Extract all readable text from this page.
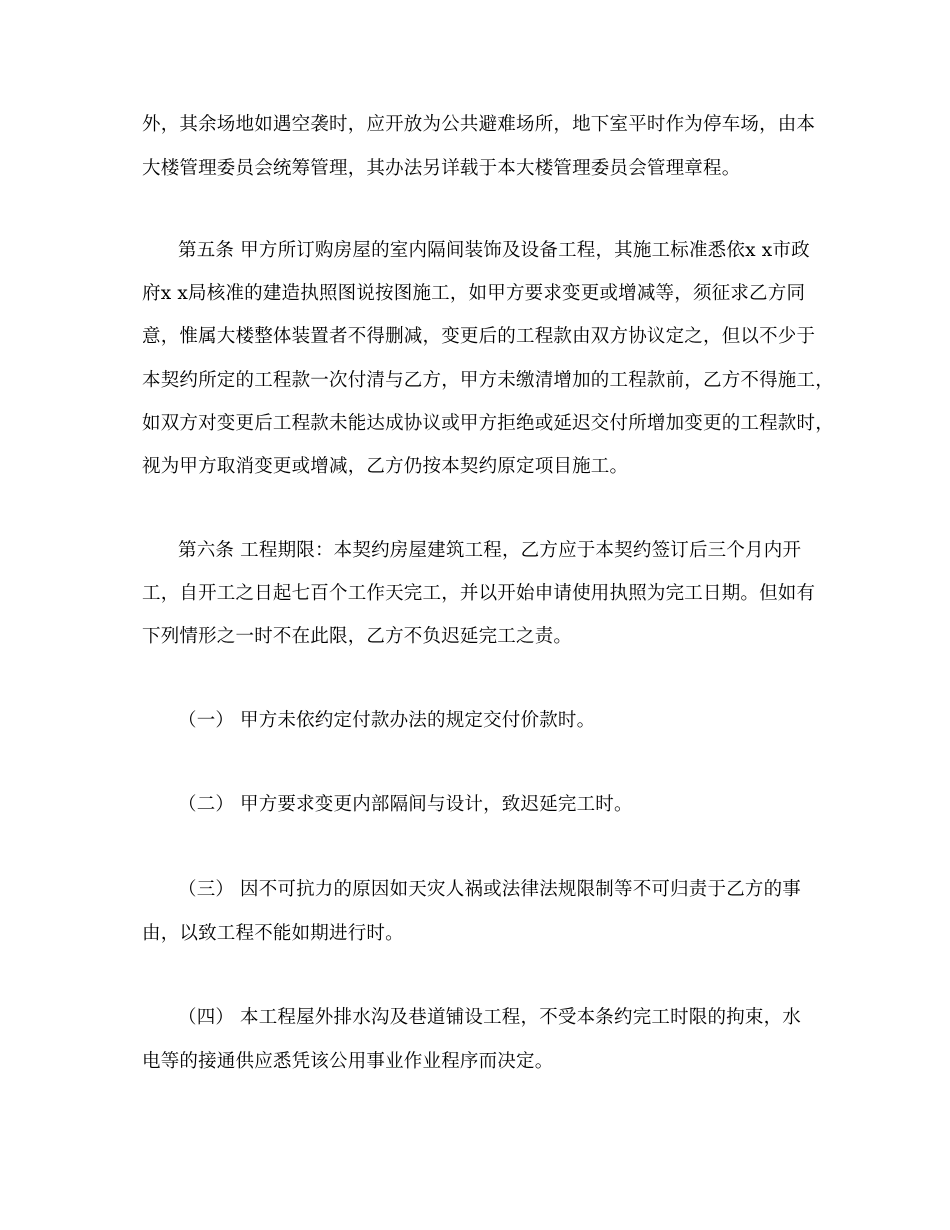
外，其余场地如遇空袭时，应开放为公共避难场所，地下室平时作为停车场，由本
大楼管理委员会统筹管理，其办法另详载于本大楼管理委员会管理章程。
第五条 甲方所订购房屋的室内隔间装饰及设备工程，其施工标准悉依x x市政
府x x局核准的建造执照图说按图施工，如甲方要求变更或增减等，须征求乙方同
意，惟属大楼整体装置者不得删减，变更后的工程款由双方协议定之，但以不少于
本契约所定的工程款一次付清与乙方，甲方未缴清增加的工程款前，乙方不得施工，
如双方对变更后工程款未能达成协议或甲方拒绝或延迟交付所增加变更的工程款时，
视为甲方取消变更或增减，乙方仍按本契约原定项目施工。
第六条 工程期限：本契约房屋建筑工程，乙方应于本契约签订后三个月内开
工，自开工之日起七百个工作天完工，并以开始申请使用执照为完工日期。但如有
下列情形之一时不在此限，乙方不负迟延完工之责。
（一） 甲方未依约定付款办法的规定交付价款时。
（二） 甲方要求变更内部隔间与设计，致迟延完工时。
（三） 因不可抗力的原因如天灾人祸或法律法规限制等不可归责于乙方的事
由，以致工程不能如期进行时。
（四） 本工程屋外排水沟及巷道铺设工程，不受本条约完工时限的拘束，水
电等的接通供应悉凭该公用事业作业程序而决定。
